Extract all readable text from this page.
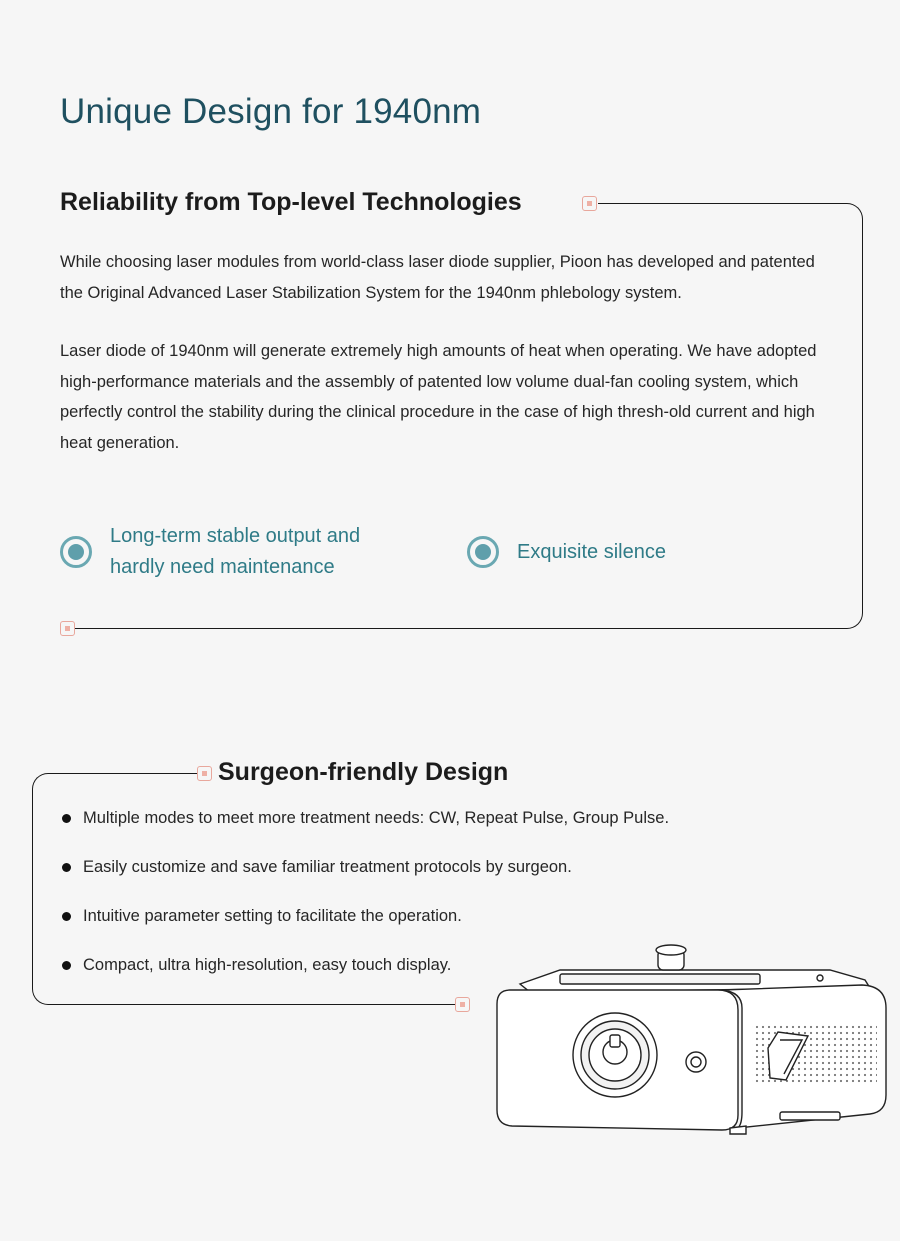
Unique Design for 1940nm
Reliability from Top-level Technologies

While choosing laser modules from world-class laser diode supplier, Pioon has developed and patented the Original Advanced Laser Stabilization System for the 1940nm phlebology system.

Laser diode of 1940nm will generate extremely high amounts of heat when operating. We have adopted high-performance materials and the assembly of patented low volume dual-fan cooling system, which perfectly control the stability during the clinical procedure in the case of high thresh-old current and high heat generation.

Long-term stable output and
hardly need maintenance
Exquisite silence
Surgeon-friendly Design
Multiple modes to meet more treatment needs: CW, Repeat Pulse, Group Pulse.
Easily customize and save familiar treatment protocols by surgeon.
Intuitive parameter setting to facilitate the operation.
Compact, ultra high-resolution, easy touch display.
